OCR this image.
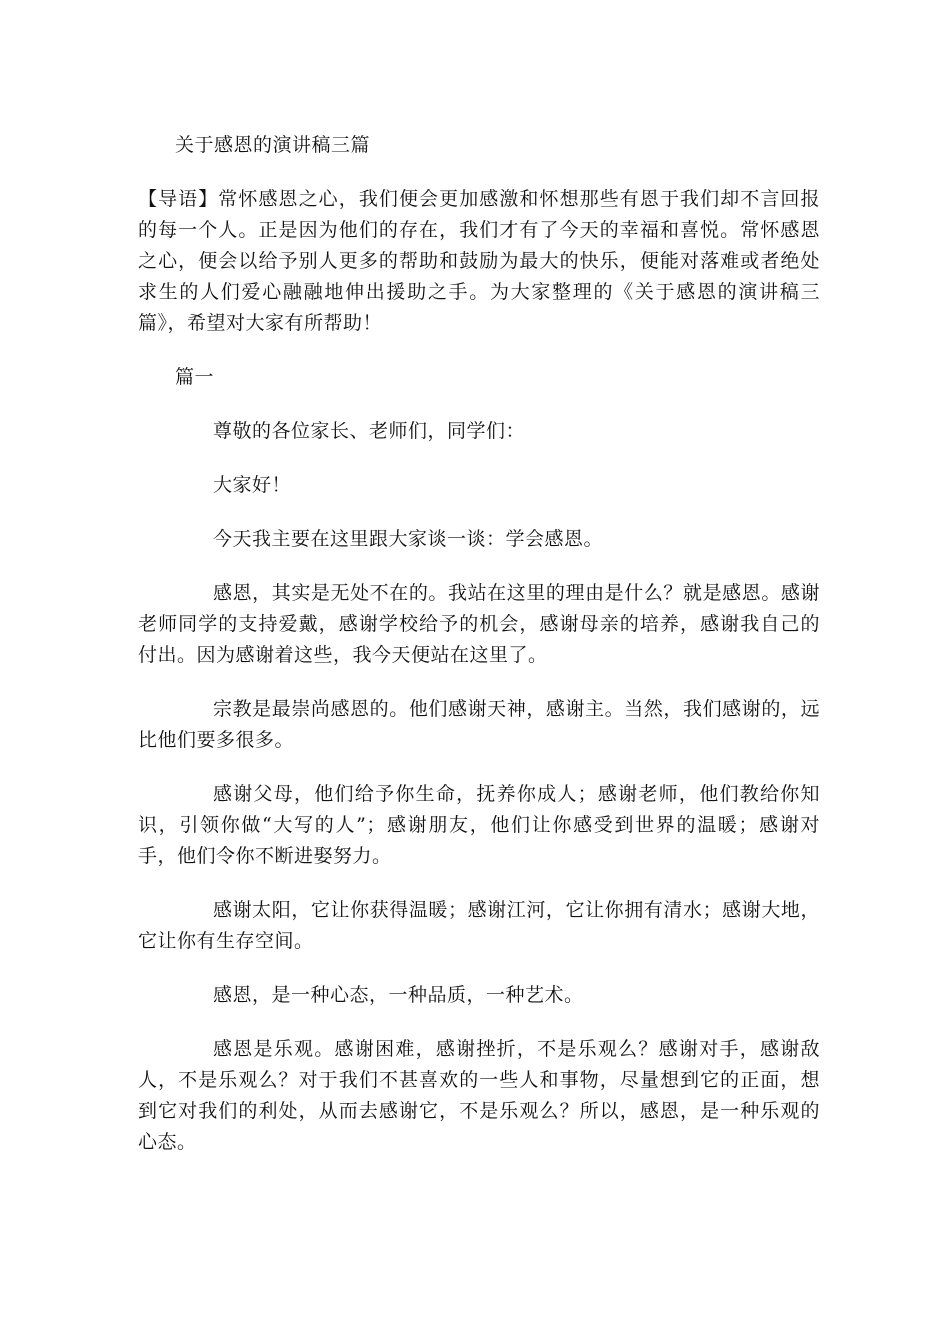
关于感恩的演讲稿三篇

【导语】常怀感恩之心，我们便会更加感激和怀想那些有恩于我们却不言回报的每一个人。正是因为他们的存在，我们才有了今天的幸福和喜悦。常怀感恩之心，便会以给予别人更多的帮助和鼓励为最大的快乐，便能对落难或者绝处求生的人们爱心融融地伸出援助之手。为大家整理的《关于感恩的演讲稿三篇》，希望对大家有所帮助！

篇一

尊敬的各位家长、老师们，同学们：

大家好！

今天我主要在这里跟大家谈一谈：学会感恩。

感恩，其实是无处不在的。我站在这里的理由是什么？就是感恩。感谢老师同学的支持爱戴，感谢学校给予的机会，感谢母亲的培养，感谢我自己的付出。因为感谢着这些，我今天便站在这里了。

宗教是最崇尚感恩的。他们感谢天神，感谢主。当然，我们感谢的，远比他们要多很多。

感谢父母，他们给予你生命，抚养你成人；感谢老师，他们教给你知识，引领你做“大写的人”；感谢朋友，他们让你感受到世界的温暖；感谢对手，他们令你不断进娶努力。

感谢太阳，它让你获得温暖；感谢江河，它让你拥有清水；感谢大地，它让你有生存空间。

感恩，是一种心态，一种品质，一种艺术。

感恩是乐观。感谢困难，感谢挫折，不是乐观么？感谢对手，感谢敌人，不是乐观么？对于我们不甚喜欢的一些人和事物，尽量想到它的正面，想到它对我们的利处，从而去感谢它，不是乐观么？所以，感恩，是一种乐观的心态。
